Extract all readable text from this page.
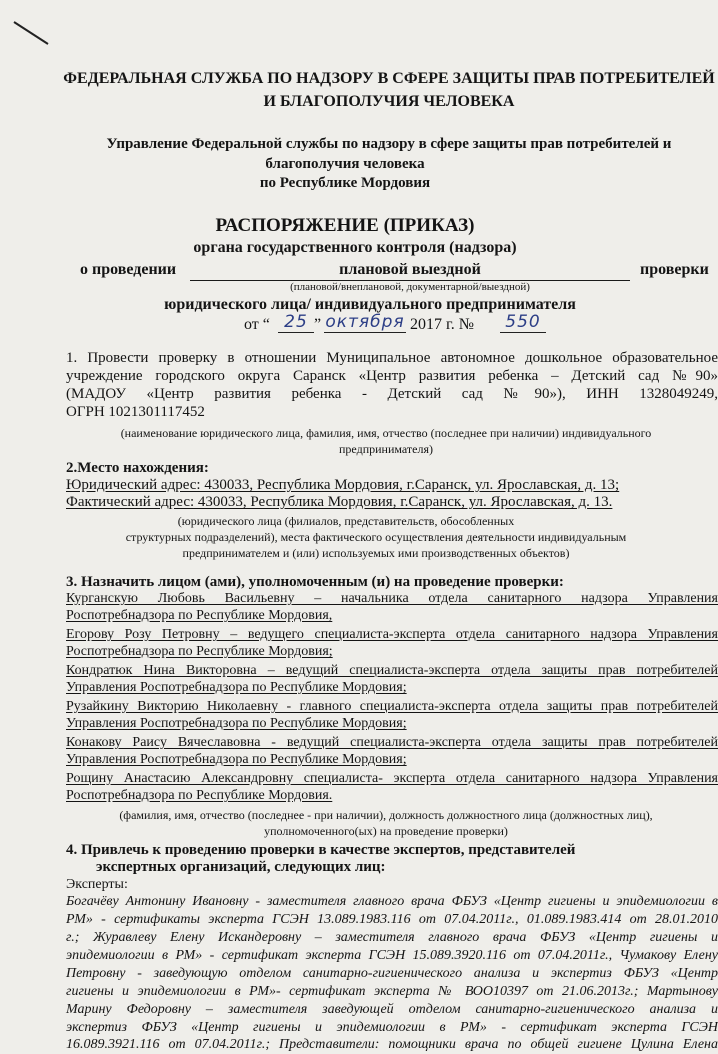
ФЕДЕРАЛЬНАЯ СЛУЖБА ПО НАДЗОРУ В СФЕРЕ ЗАЩИТЫ ПРАВ ПОТРЕБИТЕЛЕЙ
И БЛАГОПОЛУЧИЯ ЧЕЛОВЕКА
Управление Федеральной службы по надзору в сфере защиты прав потребителей и
благополучия человека
по Республике Мордовия
РАСПОРЯЖЕНИЕ (ПРИКАЗ)
органа государственного контроля (надзора)
о проведении	плановой выездной	проверки
(плановой/внеплановой, документарной/выездной)
юридического лица/ индивидуального предпринимателя
от “ 25 ” октября 2017 г. №	550
1. Провести проверку в отношении Муниципальное автономное дошкольное образовательное
учреждение городского округа Саранск «Центр развития ребенка – Детский сад №90»
(МАДОУ «Центр развития ребенка - Детский сад №90»), ИНН 1328049249,
ОГРН 1021301117452
(наименование юридического лица, фамилия, имя, отчество (последнее при наличии) индивидуального
предпринимателя)
2.Место нахождения:
Юридический адрес: 430033, Республика Мордовия, г.Саранск, ул. Ярославская, д. 13;
Фактический адрес: 430033, Республика Мордовия, г.Саранск, ул. Ярославская, д. 13.
(юридического лица (филиалов, представительств, обособленных
структурных подразделений), места фактического осуществления деятельности индивидуальным
предпринимателем и (или) используемых ими производственных объектов)
3. Назначить лицом (ами), уполномоченным (и) на проведение проверки:
Курганскую Любовь Васильевну – начальника отдела санитарного надзора Управления
Роспотребнадзора по Республике Мордовия,
Егорову Розу Петровну – ведущего специалиста-эксперта отдела санитарного надзора Управления
Роспотребнадзора по Республике Мордовия;
Кондратюк Нина Викторовна – ведущий специалиста-эксперта отдела защиты прав потребителей
Управления Роспотребнадзора по Республике Мордовия;
Рузайкину Викторию Николаевну - главного специалиста-эксперта отдела защиты прав потребителей
Управления Роспотребнадзора по Республике Мордовия;
Конакову Раису Вячеславовна - ведущий специалиста-эксперта отдела защиты прав потребителей
Управления Роспотребнадзора по Республике Мордовия;
Рощину Анастасию Александровну специалиста- эксперта отдела санитарного надзора Управления
Роспотребнадзора по Республике Мордовия.
(фамилия, имя, отчество (последнее - при наличии), должность должностного лица (должностных лиц),
уполномоченного(ых) на проведение проверки)
4. Привлечь к проведению проверки в качестве экспертов, представителей
экспертных организаций, следующих лиц:
Эксперты:
Богачёву Антонину Ивановну - заместителя главного врача ФБУЗ «Центр гигиены и эпидемиологии в
РМ» - сертификаты эксперта ГСЭН 13.089.1983.116 от 07.04.2011г., 01.089.1983.414 от 28.01.2010
г.; Журавлеву Елену Искандеровну – заместителя главного врача ФБУЗ «Центр гигиены и
эпидемиологии в РМ» - сертификат эксперта ГСЭН 15.089.3920.116 от 07.04.2011г., Чумакову Елену
Петровну - заведующую отделом санитарно-гигиенического анализа и экспертиз ФБУЗ «Центр
гигиены и эпидемиологии в РМ»- сертификат эксперта № ВОО10397 от 21.06.2013г.; Мартынову
Марину Федоровну – заместителя заведующей отделом санитарно-гигиенического анализа и
экспертиз ФБУЗ «Центр гигиены и эпидемиологии в РМ» - сертификат эксперта ГСЭН
16.089.3921.116 от 07.04.2011г.; Представители: помощники врача по общей гигиене Цулина Елена
